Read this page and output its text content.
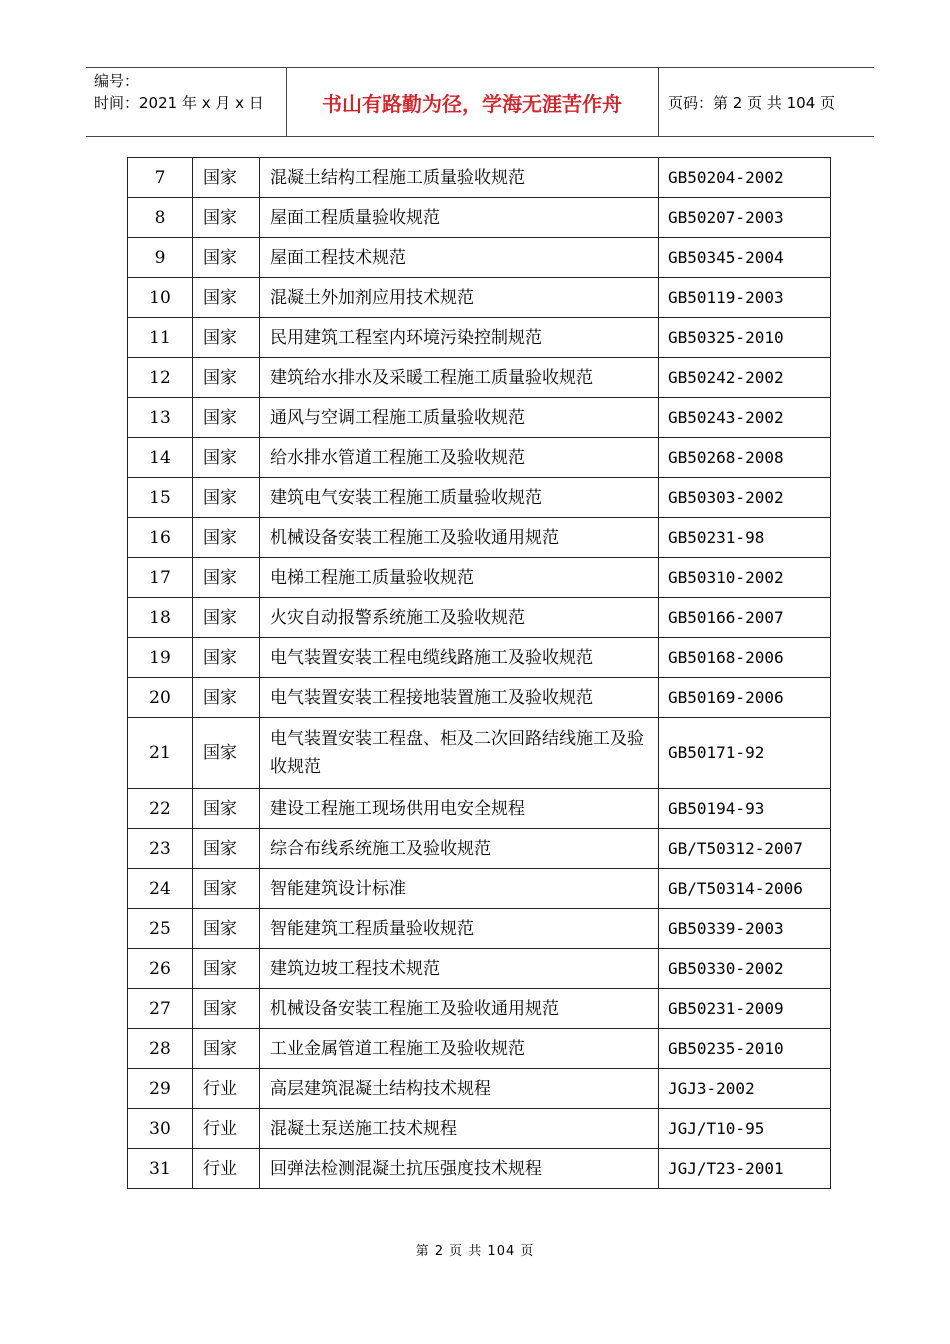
编号：
时间：2021 年 x 月 x 日	书山有路勤为径，学海无涯苦作舟	页码：第 2 页 共 104 页
7	国家	混凝土结构工程施工质量验收规范	GB50204-2002
8	国家	屋面工程质量验收规范	GB50207-2003
9	国家	屋面工程技术规范	GB50345-2004
10	国家	混凝土外加剂应用技术规范	GB50119-2003
11	国家	民用建筑工程室内环境污染控制规范	GB50325-2010
12	国家	建筑给水排水及采暖工程施工质量验收规范	GB50242-2002
13	国家	通风与空调工程施工质量验收规范	GB50243-2002
14	国家	给水排水管道工程施工及验收规范	GB50268-2008
15	国家	建筑电气安装工程施工质量验收规范	GB50303-2002
16	国家	机械设备安装工程施工及验收通用规范	GB50231-98
17	国家	电梯工程施工质量验收规范	GB50310-2002
18	国家	火灾自动报警系统施工及验收规范	GB50166-2007
19	国家	电气装置安装工程电缆线路施工及验收规范	GB50168-2006
20	国家	电气装置安装工程接地装置施工及验收规范	GB50169-2006
21	国家	电气装置安装工程盘、柜及二次回路结线施工及验收规范	GB50171-92
22	国家	建设工程施工现场供用电安全规程	GB50194-93
23	国家	综合布线系统施工及验收规范	GB/T50312-2007
24	国家	智能建筑设计标准	GB/T50314-2006
25	国家	智能建筑工程质量验收规范	GB50339-2003
26	国家	建筑边坡工程技术规范	GB50330-2002
27	国家	机械设备安装工程施工及验收通用规范	GB50231-2009
28	国家	工业金属管道工程施工及验收规范	GB50235-2010
29	行业	高层建筑混凝土结构技术规程	JGJ3-2002
30	行业	混凝土泵送施工技术规程	JGJ/T10-95
31	行业	回弹法检测混凝土抗压强度技术规程	JGJ/T23-2001
第 2 页 共 104 页
